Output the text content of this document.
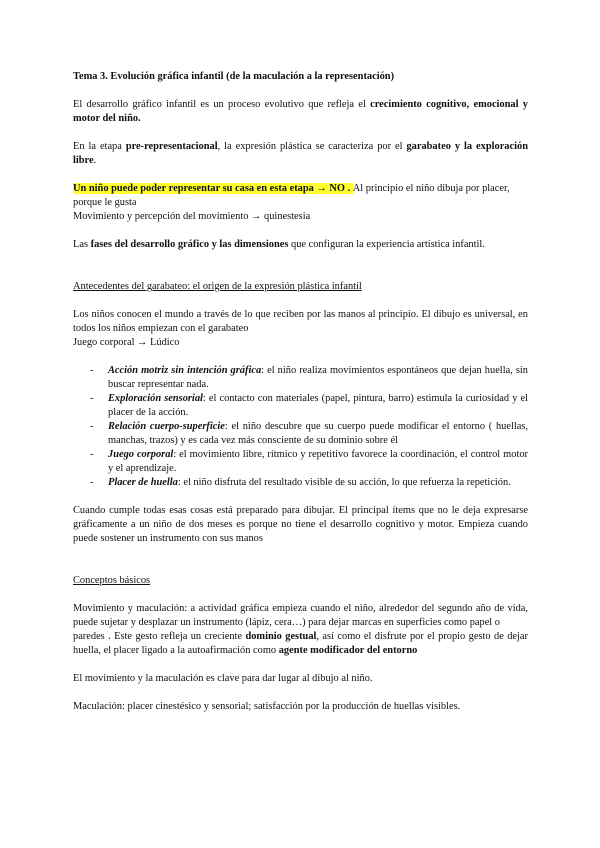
Tema 3. Evolución gráfica infantil (de la maculación a la representación)

El desarrollo gráfico infantil es un proceso evolutivo que refleja el crecimiento cognitivo, emocional y motor del niño.

En la etapa pre-representacional, la expresión plástica se caracteriza por el garabateo y la exploración libre.

Un niño puede poder representar su casa en esta etapa → NO . Al principio el niño dibuja por placer, porque le gusta

Movimiento y percepción del movimiento → quinestesia

Las fases del desarrollo gráfico y las dimensiones que configuran la experiencia artística infantil.

Antecedentes del garabateo: el origen de la expresión plástica infantil

Los niños conocen el mundo a través de lo que reciben por las manos al principio. El dibujo es universal, en todos los niños empiezan con el garabateo

Juego corporal → Lúdico

- Acción motriz sin intención gráfica: el niño realiza movimientos espontáneos que dejan huella, sin buscar representar nada.
- Exploración sensorial: el contacto con materiales (papel, pintura, barro) estimula la curiosidad y el placer de la acción.
- Relación cuerpo-superficie: el niño descubre que su cuerpo puede modificar el entorno ( huellas, manchas, trazos) y es cada vez más consciente de su dominio sobre él
- Juego corporal: el movimiento libre, rítmico y repetitivo favorece la coordinación, el control motor y el aprendizaje.
- Placer de huella: el niño disfruta del resultado visible de su acción, lo que refuerza la repetición.

Cuando cumple todas esas cosas está preparado para dibujar. El principal ítems que no le deja expresarse gráficamente a un niño de dos meses es porque no tiene el desarrollo cognitivo y motor. Empieza cuando puede sostener un instrumento con sus manos

Conceptos básicos

Movimiento y maculación: a actividad gráfica empieza cuando el niño, alrededor del segundo año de vida, puede sujetar y desplazar un instrumento (lápiz, cera…) para dejar marcas en superficies como papel o

paredes . Este gesto refleja un creciente dominio gestual, así como el disfrute por el propio gesto de dejar huella, el placer ligado a la autoafirmación como agente modificador del entorno

El movimiento y la maculación es clave para dar lugar al dibujo al niño.

Maculación: placer cinestésico y sensorial; satisfacción por la producción de huellas visibles.
